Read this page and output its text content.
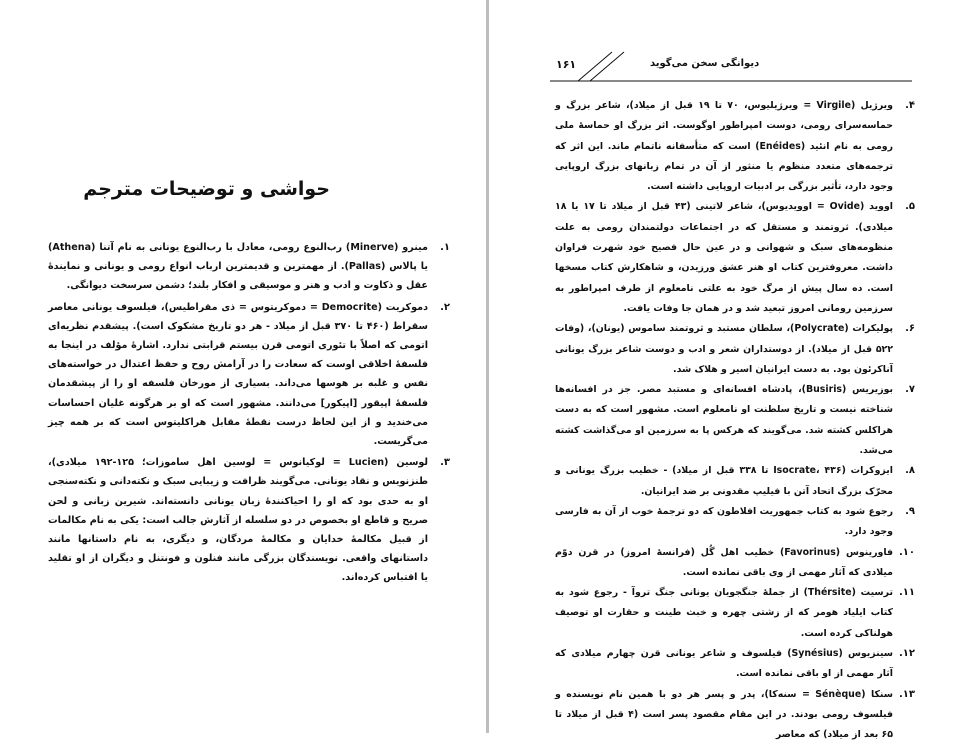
حواشی و توضیحات مترجم
۱.

مینرو (Minerve) رب‌النوع رومی، معادل با رب‌النوع یونانی به نام آتنا (Athena) یا پالاس (Pallas). از مهمترین و قدیمترین ارباب انواع رومی و یونانی و نمایندهٔ عقل و ذکاوت و ادب و هنر و موسیقی و افکار بلند؛ دشمن سرسخت دیوانگی.

۲.

دموکریت (Democrite = دموکریتوس = ذی مقراطیس)، فیلسوف یونانی معاصر سقراط (۴۶۰ تا ۳۷۰ قبل از میلاد - هر دو تاریخ مشکوک است). پیشقدم نظریه‌ای اتومی که اصلاً با تئوری اتومی قرن بیستم قرابتی ندارد. اشارهٔ مؤلف در اینجا به فلسفهٔ اخلاقی اوست که سعادت را در آرامش روح و حفظ اعتدال در خواسته‌های نفس و غلبه بر هوسها می‌داند. بسیاری از مورخان فلسفه او را از پیشقدمان فلسفهٔ اپیقور [اپیکور] می‌دانند. مشهور است که او بر هرگونه غلیان احساسات می‌خندید و از این لحاظ درست نقطهٔ مقابل هراکلیتوس است که بر همه چیز می‌گریست.

۳.

لوسین (Lucien = لوکیانوس = لوسین اهل ساموزات؛ ۱۲۵-۱۹۲ میلادی)، طنزنویس و نقاد یونانی. می‌گویند ظرافت و زیبایی سبک و نکته‌دانی و نکته‌سنجی او به حدی بود که او را احیاکنندهٔ زبان یونانی دانسته‌اند. شیرین زبانی و لحن صریح و قاطع او بخصوص در دو سلسله از آثارش جالب است: یکی به نام مکالمات از قبیل مکالمهٔ خدایان و مکالمهٔ مردگان، و دیگری، به نام داستانها مانند داستانهای واقعی. نویسندگان بزرگی مانند فنلون و فونتنل و دیگران از او تقلید یا اقتباس کرده‌اند.

۱۶۱	دیوانگی سخن می‌گوید
۴.

ویرژیل (Virgile = ویرژیلیوس، ۷۰ تا ۱۹ قبل از میلاد)، شاعر بزرگ و حماسه‌سرای رومی، دوست امپراطور اوگوست. اثر بزرگ او حماسهٔ ملی رومی به نام انئید (Enéides) است که متأسفانه ناتمام ماند. این اثر که ترجمه‌های متعدد منظوم یا منثور از آن در تمام زبانهای بزرگ اروپایی وجود دارد، تأثیر بزرگی بر ادبیات اروپایی داشته است.

۵.

اووید (Ovide = اوویدیوس)، شاعر لاتینی (۴۳ قبل از میلاد تا ۱۷ یا ۱۸ میلادی). ثروتمند و مستقل که در اجتماعات دولتمندان رومی به علت منظومه‌های سبک و شهوانی و در عین حال فصیح خود شهرت فراوان داشت. معروفترین کتاب او هنر عشق ورزیدن، و شاهکارش کتاب مسخها است. ده سال پیش از مرگ خود به علتی نامعلوم از طرف امپراطور به سرزمین رومانی امروز تبعید شد و در همان جا وفات یافت.

۶.

پولیکرات (Polycrate)، سلطان مستبد و ثروتمند ساموس (یونان)، (وفات ۵۲۲ قبل از میلاد). از دوستداران شعر و ادب و دوست شاعر بزرگ یونانی آناکرئون بود. به دست ایرانیان اسیر و هلاک شد.

۷.

بوزیریس (Busiris)، پادشاه افسانه‌ای و مستبد مصر. جز در افسانه‌ها شناخته نیست و تاریخ سلطنت او نامعلوم است. مشهور است که به دست هراکلس کشته شد. می‌گویند که هرکس پا به سرزمین او می‌گذاشت کشته می‌شد.

۸.

ایزوکرات (Isocrate، ۴۳۶ تا ۳۳۸ قبل از میلاد) - خطیب بزرگ یونانی و محرّک بزرگ اتحاد آتن با فیلیپ مقدونی بر ضد ایرانیان.

۹.

رجوع شود به کتاب جمهوریت افلاطون که دو ترجمهٔ خوب از آن به فارسی وجود دارد.

۱۰.

فاورینوس (Favorinus) خطیب اهل گُل (فرانسهٔ امروز) در قرن دوّم میلادی که آثار مهمی از وی باقی نمانده است.

۱۱.

ترسیت (Thérsite) از جملهٔ جنگجویان یونانی جنگ تروآ - رجوع شود به کتاب ایلیاد هومر که از زشتی چهره و خبث طینت و حقارت او توصیف هولناکی کرده است.

۱۲.

سینزیوس (Synésius) فیلسوف و شاعر یونانی قرن چهارم میلادی که آثار مهمی از او باقی نمانده است.

۱۳.

سنکا (Sénèque = سنه‌کا)، پدر و پسر هر دو با همین نام نویسنده و فیلسوف رومی بودند. در این مقام مقصود پسر است (۴ قبل از میلاد تا ۶۵ بعد از میلاد) که معاصر
